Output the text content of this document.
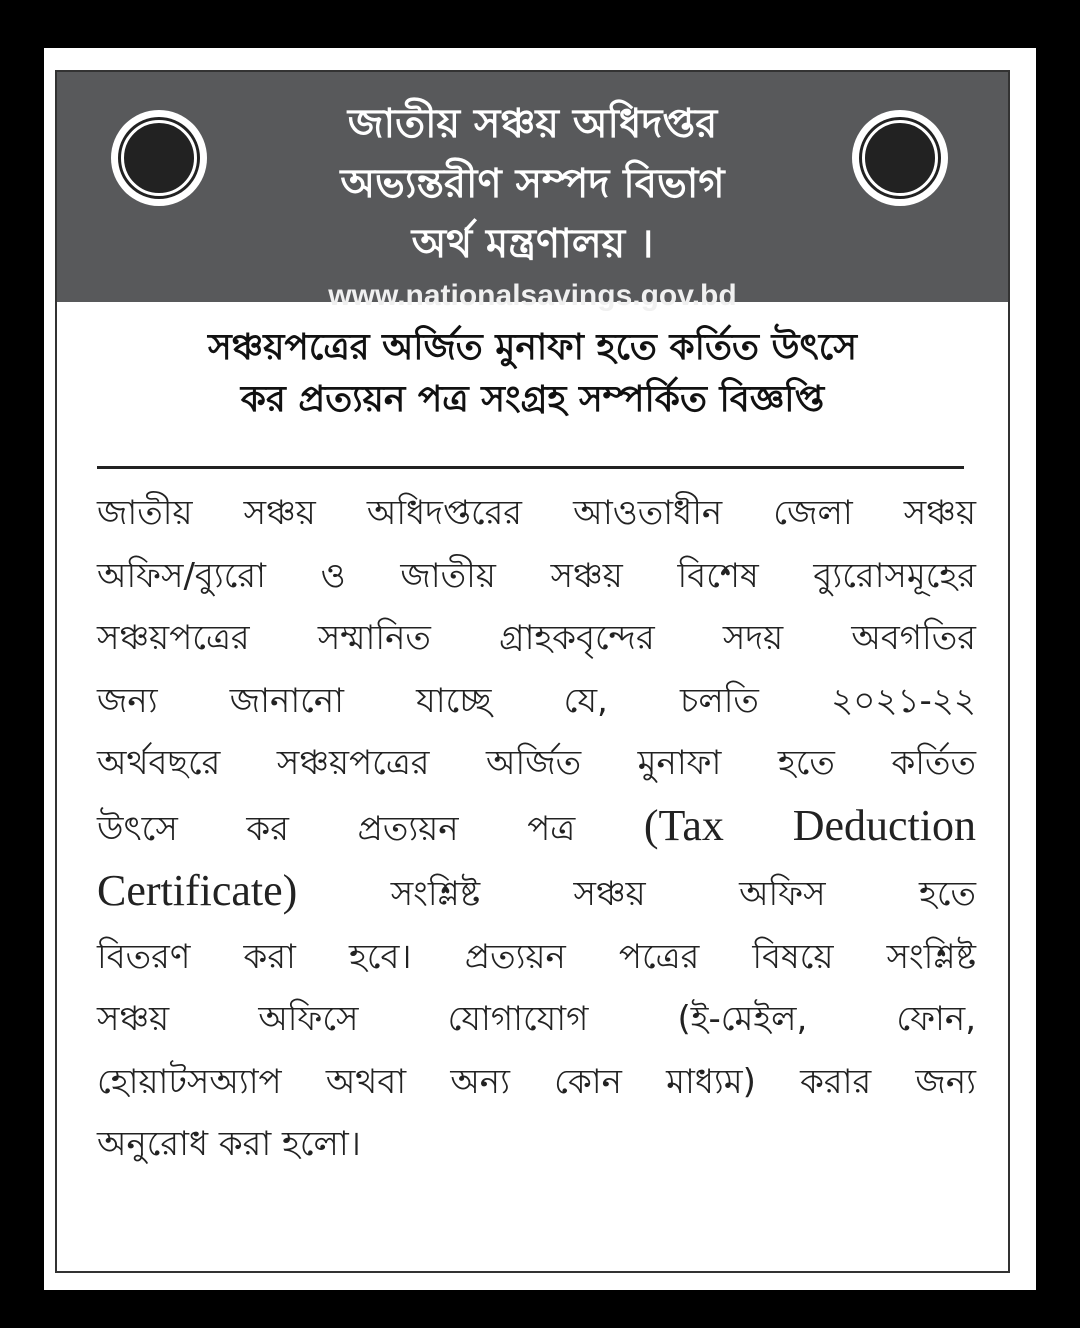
জাতীয় সঞ্চয় অধিদপ্তর
অভ্যন্তরীণ সম্পদ বিভাগ
অর্থ মন্ত্রণালয় ।
www.nationalsavings.gov.bd
সঞ্চয়পত্রের অর্জিত মুনাফা হতে কর্তিত উৎসে
কর প্রত্যয়ন পত্র সংগ্রহ সম্পর্কিত বিজ্ঞপ্তি
জাতীয় সঞ্চয় অধিদপ্তরের আওতাধীন জেলা সঞ্চয়
অফিস/ব্যুরো ও জাতীয় সঞ্চয় বিশেষ ব্যুরোসমূহের
সঞ্চয়পত্রের সম্মানিত গ্রাহকবৃন্দের সদয় অবগতির
জন্য জানানো যাচ্ছে যে, চলতি ২০২১-২২
অর্থবছরে সঞ্চয়পত্রের অর্জিত মুনাফা হতে কর্তিত
উৎসে কর প্রত্যয়ন পত্র (Tax Deduction
Certificate)	সংশ্লিষ্ট সঞ্চয় অফিস হতে
বিতরণ করা হবে। প্রত্যয়ন পত্রের বিষয়ে সংশ্লিষ্ট
সঞ্চয় অফিসে যোগাযোগ (ই-মেইল, ফোন,
হোয়াটসঅ্যাপ অথবা অন্য কোন মাধ্যম) করার জন্য
অনুরোধ করা হলো।
